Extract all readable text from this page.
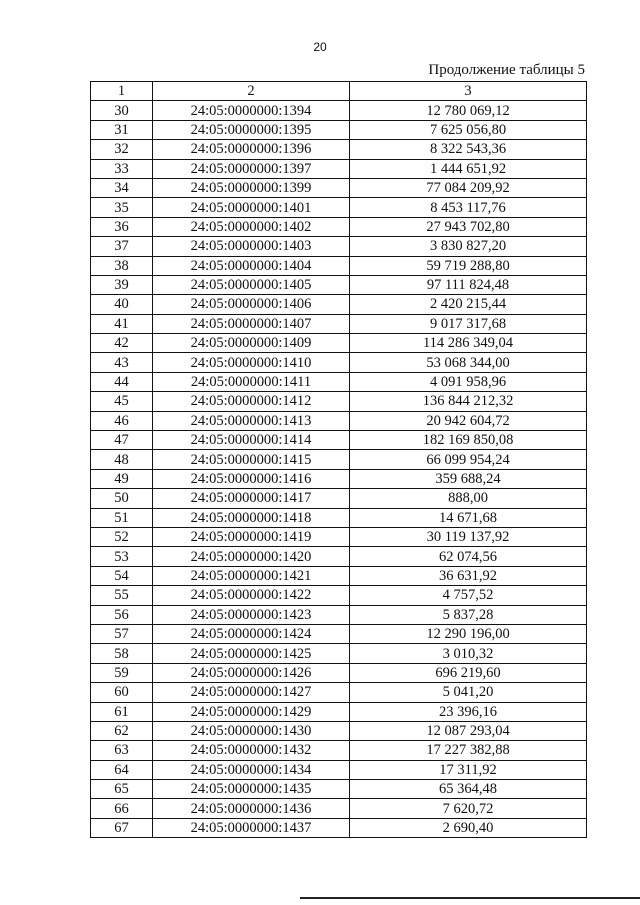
20
Продолжение таблицы 5
1	2	3
30	24:05:0000000:1394	12 780 069,12
31	24:05:0000000:1395	7 625 056,80
32	24:05:0000000:1396	8 322 543,36
33	24:05:0000000:1397	1 444 651,92
34	24:05:0000000:1399	77 084 209,92
35	24:05:0000000:1401	8 453 117,76
36	24:05:0000000:1402	27 943 702,80
37	24:05:0000000:1403	3 830 827,20
38	24:05:0000000:1404	59 719 288,80
39	24:05:0000000:1405	97 111 824,48
40	24:05:0000000:1406	2 420 215,44
41	24:05:0000000:1407	9 017 317,68
42	24:05:0000000:1409	114 286 349,04
43	24:05:0000000:1410	53 068 344,00
44	24:05:0000000:1411	4 091 958,96
45	24:05:0000000:1412	136 844 212,32
46	24:05:0000000:1413	20 942 604,72
47	24:05:0000000:1414	182 169 850,08
48	24:05:0000000:1415	66 099 954,24
49	24:05:0000000:1416	359 688,24
50	24:05:0000000:1417	888,00
51	24:05:0000000:1418	14 671,68
52	24:05:0000000:1419	30 119 137,92
53	24:05:0000000:1420	62 074,56
54	24:05:0000000:1421	36 631,92
55	24:05:0000000:1422	4 757,52
56	24:05:0000000:1423	5 837,28
57	24:05:0000000:1424	12 290 196,00
58	24:05:0000000:1425	3 010,32
59	24:05:0000000:1426	696 219,60
60	24:05:0000000:1427	5 041,20
61	24:05:0000000:1429	23 396,16
62	24:05:0000000:1430	12 087 293,04
63	24:05:0000000:1432	17 227 382,88
64	24:05:0000000:1434	17 311,92
65	24:05:0000000:1435	65 364,48
66	24:05:0000000:1436	7 620,72
67	24:05:0000000:1437	2 690,40
